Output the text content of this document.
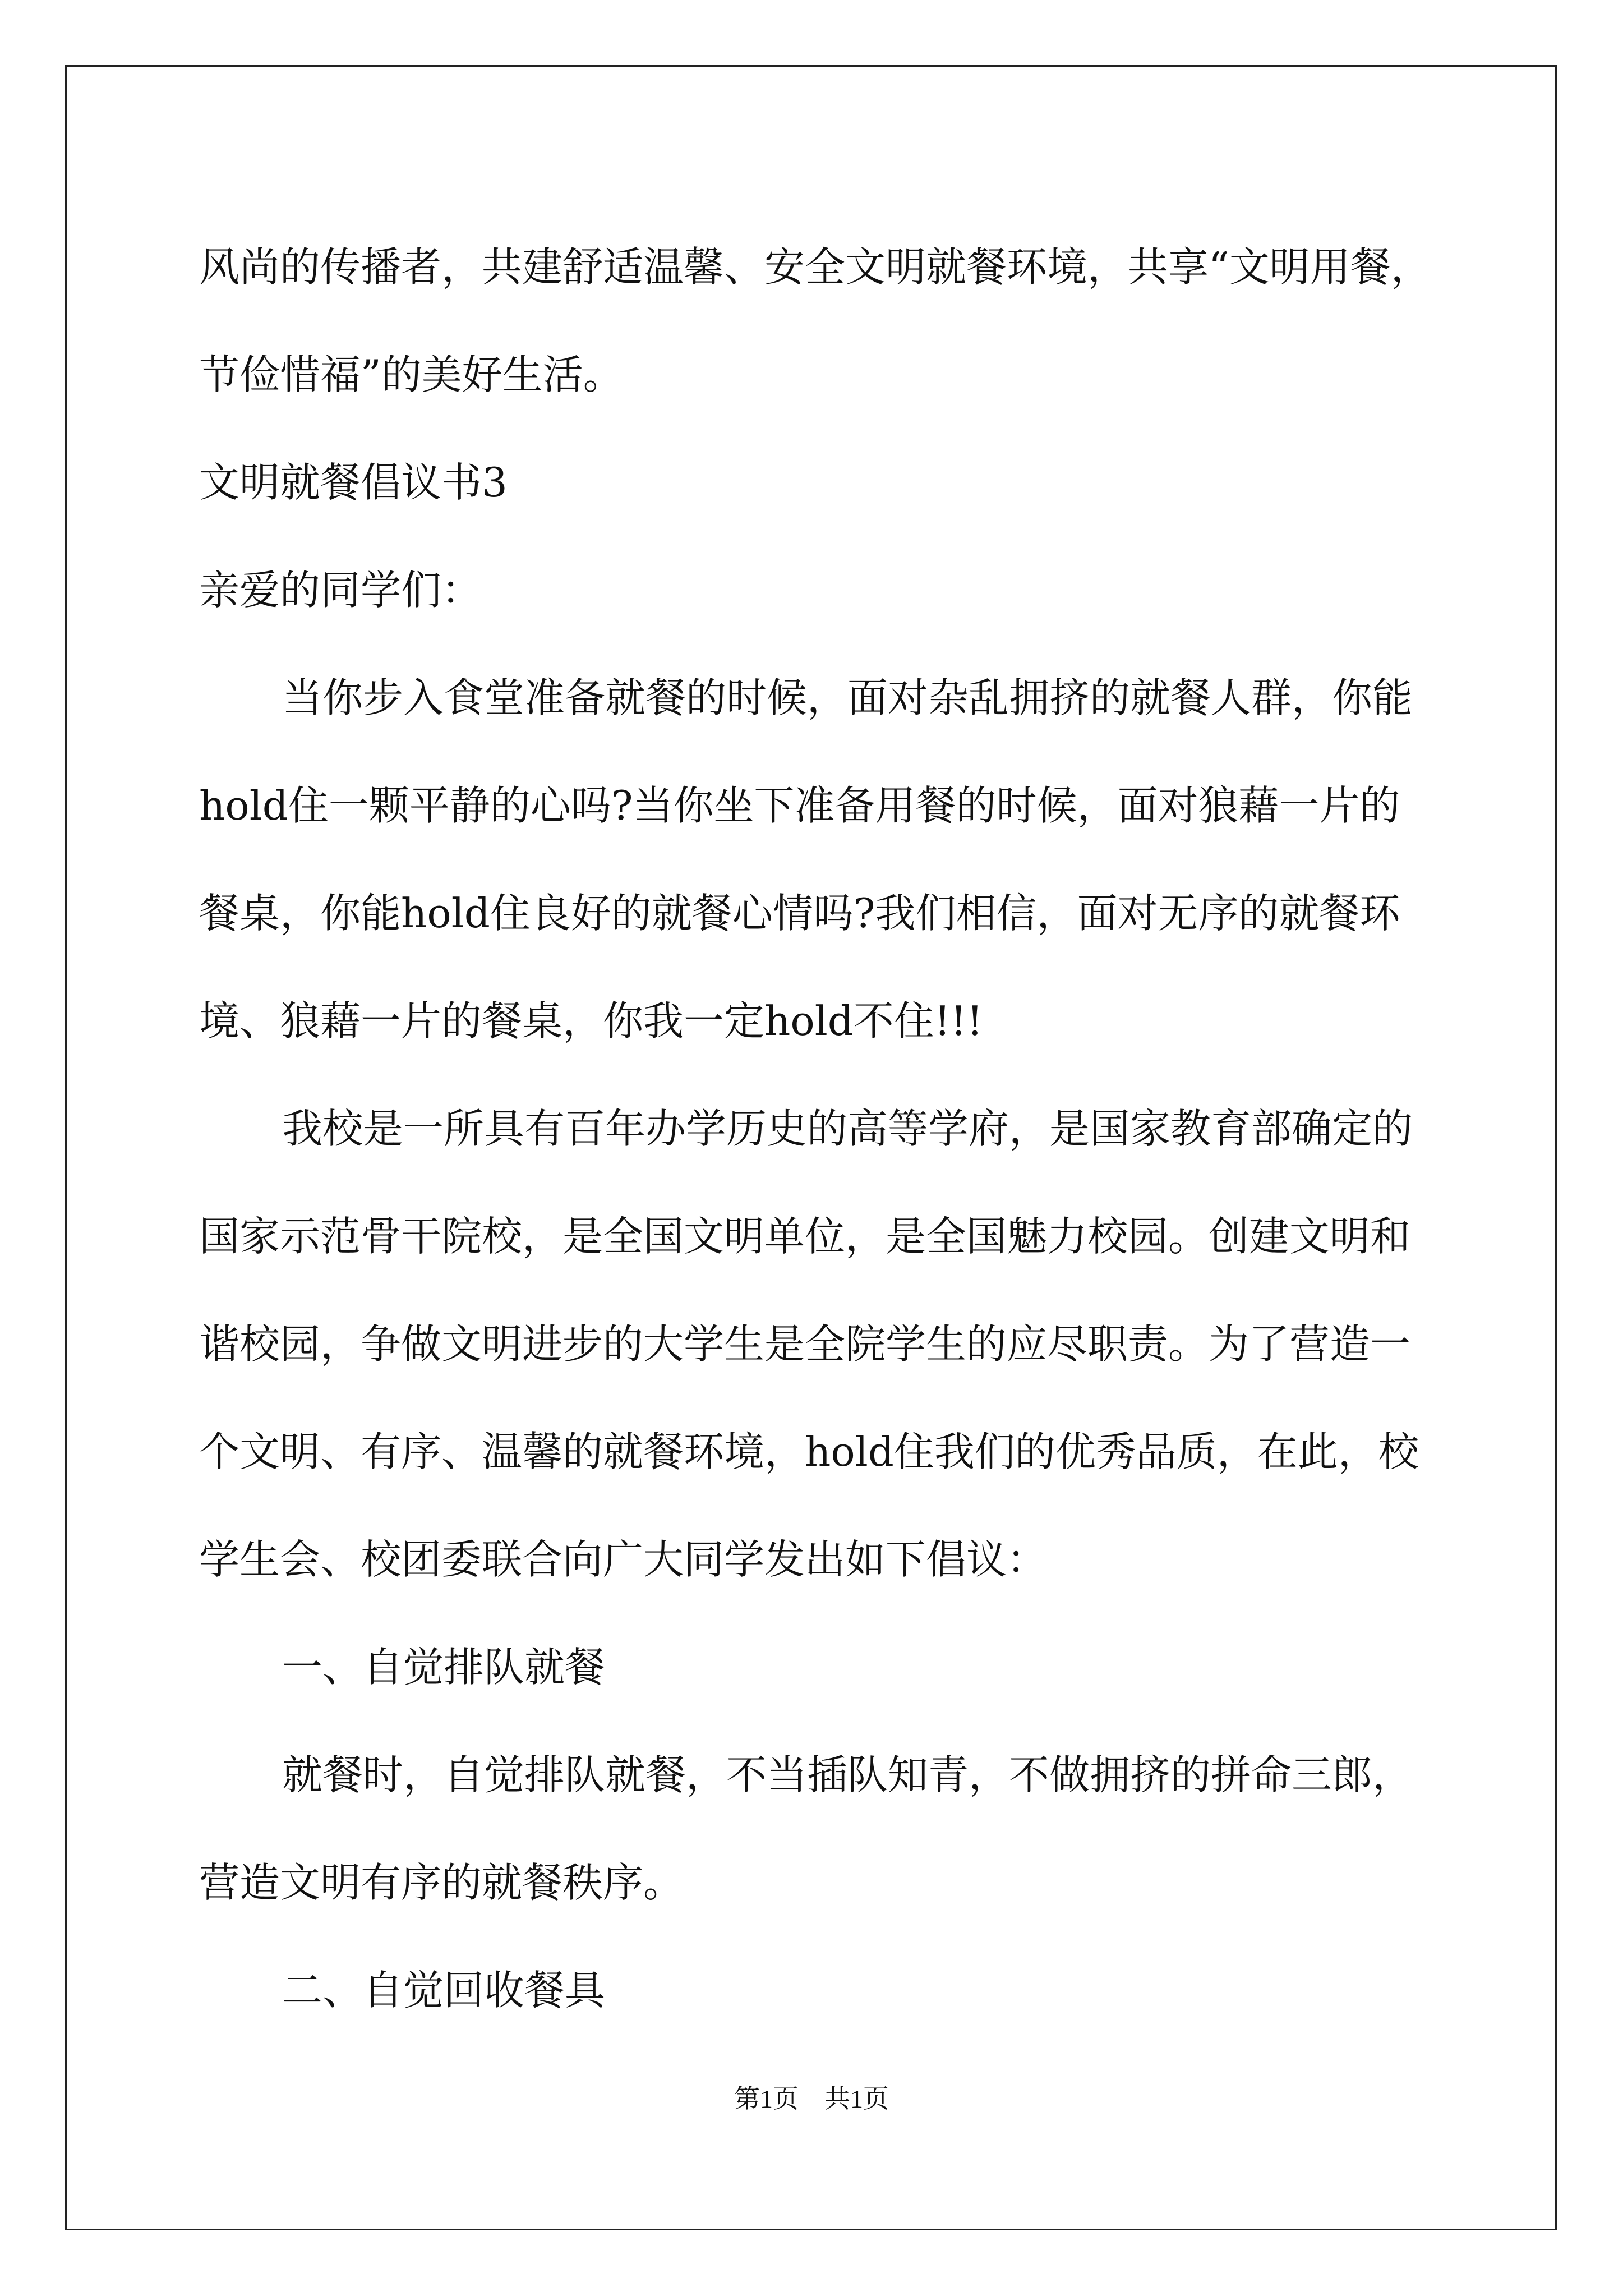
风尚的传播者，共建舒适温馨、安全文明就餐环境，共享“文明用餐，
节俭惜福”的美好生活。
文明就餐倡议书3
亲爱的同学们：
当你步入食堂准备就餐的时候，面对杂乱拥挤的就餐人群，你能
hold住一颗平静的心吗?当你坐下准备用餐的时候，面对狼藉一片的
餐桌，你能hold住良好的就餐心情吗?我们相信，面对无序的就餐环
境、狼藉一片的餐桌，你我一定hold不住!!!
我校是一所具有百年办学历史的高等学府，是国家教育部确定的
国家示范骨干院校，是全国文明单位，是全国魅力校园。创建文明和
谐校园，争做文明进步的大学生是全院学生的应尽职责。为了营造一
个文明、有序、温馨的就餐环境，hold住我们的优秀品质，在此，校
学生会、校团委联合向广大同学发出如下倡议：
一、自觉排队就餐
就餐时，自觉排队就餐，不当插队知青，不做拥挤的拼命三郎，
营造文明有序的就餐秩序。
二、自觉回收餐具
第1页 共1页
